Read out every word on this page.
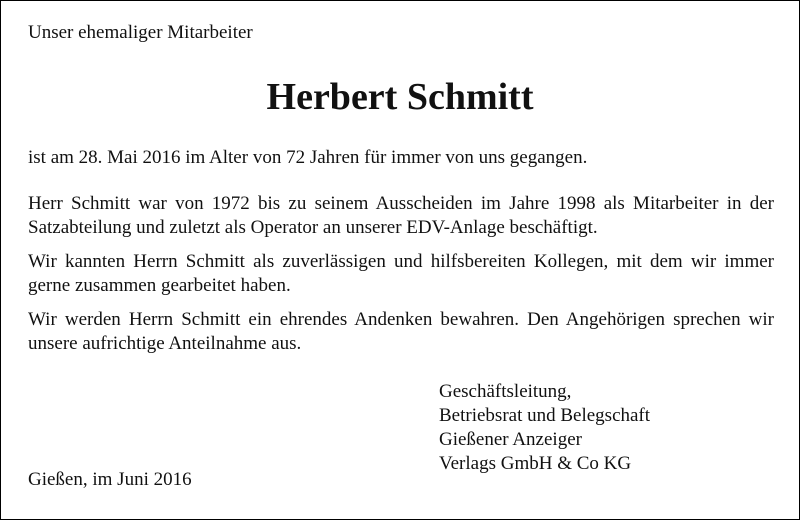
Unser ehemaliger Mitarbeiter

Herbert Schmitt

ist am 28. Mai 2016 im Alter von 72 Jahren für immer von uns gegangen.

Herr Schmitt war von 1972 bis zu seinem Ausscheiden im Jahre 1998 als Mitarbeiter in der Satzabteilung und zuletzt als Operator an unserer EDV-Anlage beschäftigt.

Wir kannten Herrn Schmitt als zuverlässigen und hilfsbereiten Kollegen, mit dem wir immer gerne zusammen gearbeitet haben.

Wir werden Herrn Schmitt ein ehrendes Andenken bewahren. Den Angehörigen sprechen wir unsere aufrichtige Anteilnahme aus.

Geschäftsleitung,
Betriebsrat und Belegschaft
Gießener Anzeiger
Verlags GmbH & Co KG

Gießen, im Juni 2016
